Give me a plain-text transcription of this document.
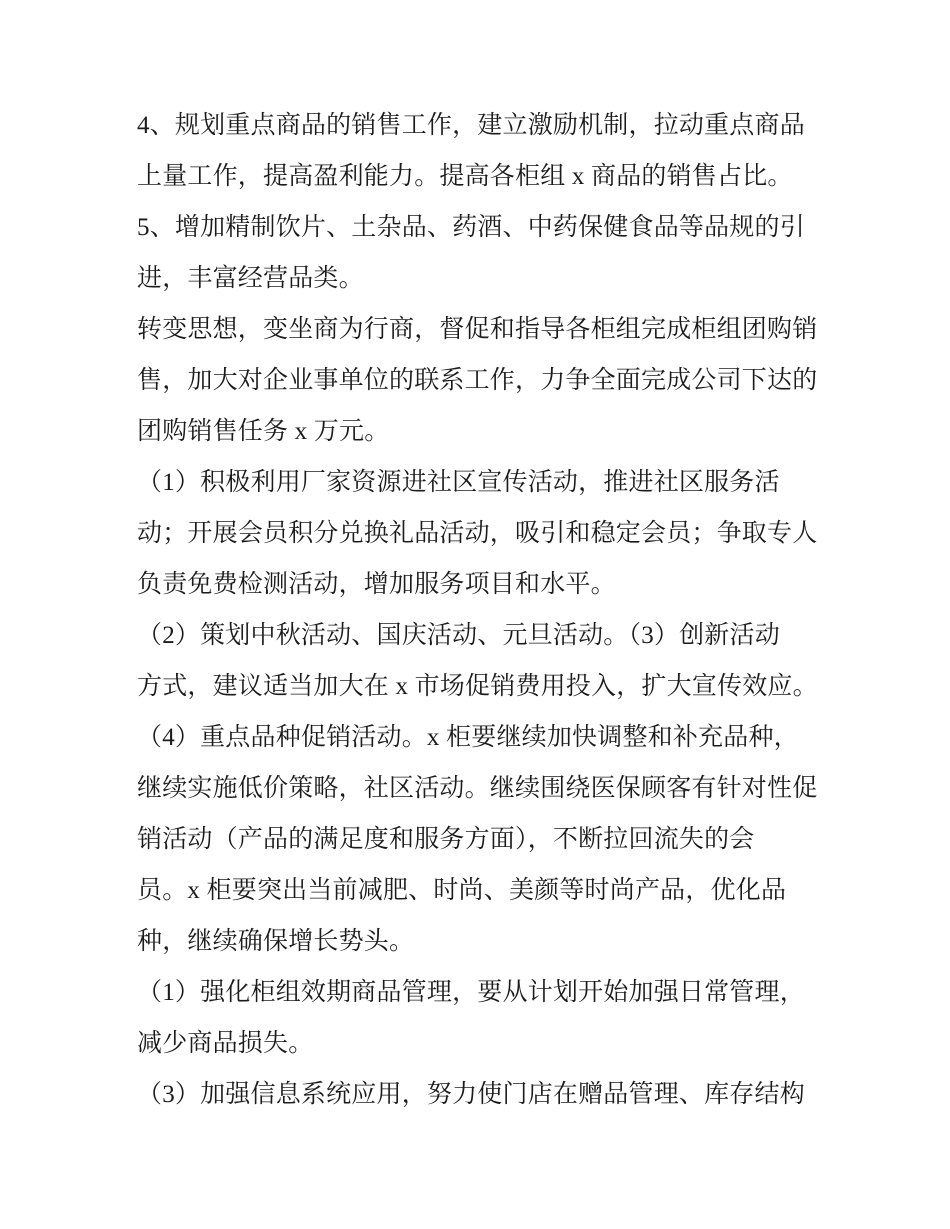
4、规划重点商品的销售工作，建立激励机制，拉动重点商品
上量工作，提高盈利能力。提高各柜组 x 商品的销售占比。
5、增加精制饮片、土杂品、药酒、中药保健食品等品规的引
进，丰富经营品类。
转变思想，变坐商为行商，督促和指导各柜组完成柜组团购销
售，加大对企业事单位的联系工作，力争全面完成公司下达的
团购销售任务 x 万元。
（1）积极利用厂家资源进社区宣传活动，推进社区服务活
动；开展会员积分兑换礼品活动，吸引和稳定会员；争取专人
负责免费检测活动，增加服务项目和水平。
（2）策划中秋活动、国庆活动、元旦活动。（3）创新活动
方式，建议适当加大在 x 市场促销费用投入，扩大宣传效应。
（4）重点品种促销活动。x 柜要继续加快调整和补充品种，
继续实施低价策略，社区活动。继续围绕医保顾客有针对性促
销活动（产品的满足度和服务方面），不断拉回流失的会
员。x 柜要突出当前减肥、时尚、美颜等时尚产品，优化品
种，继续确保增长势头。
（1）强化柜组效期商品管理，要从计划开始加强日常管理，
减少商品损失。
（3）加强信息系统应用，努力使门店在赠品管理、库存结构
